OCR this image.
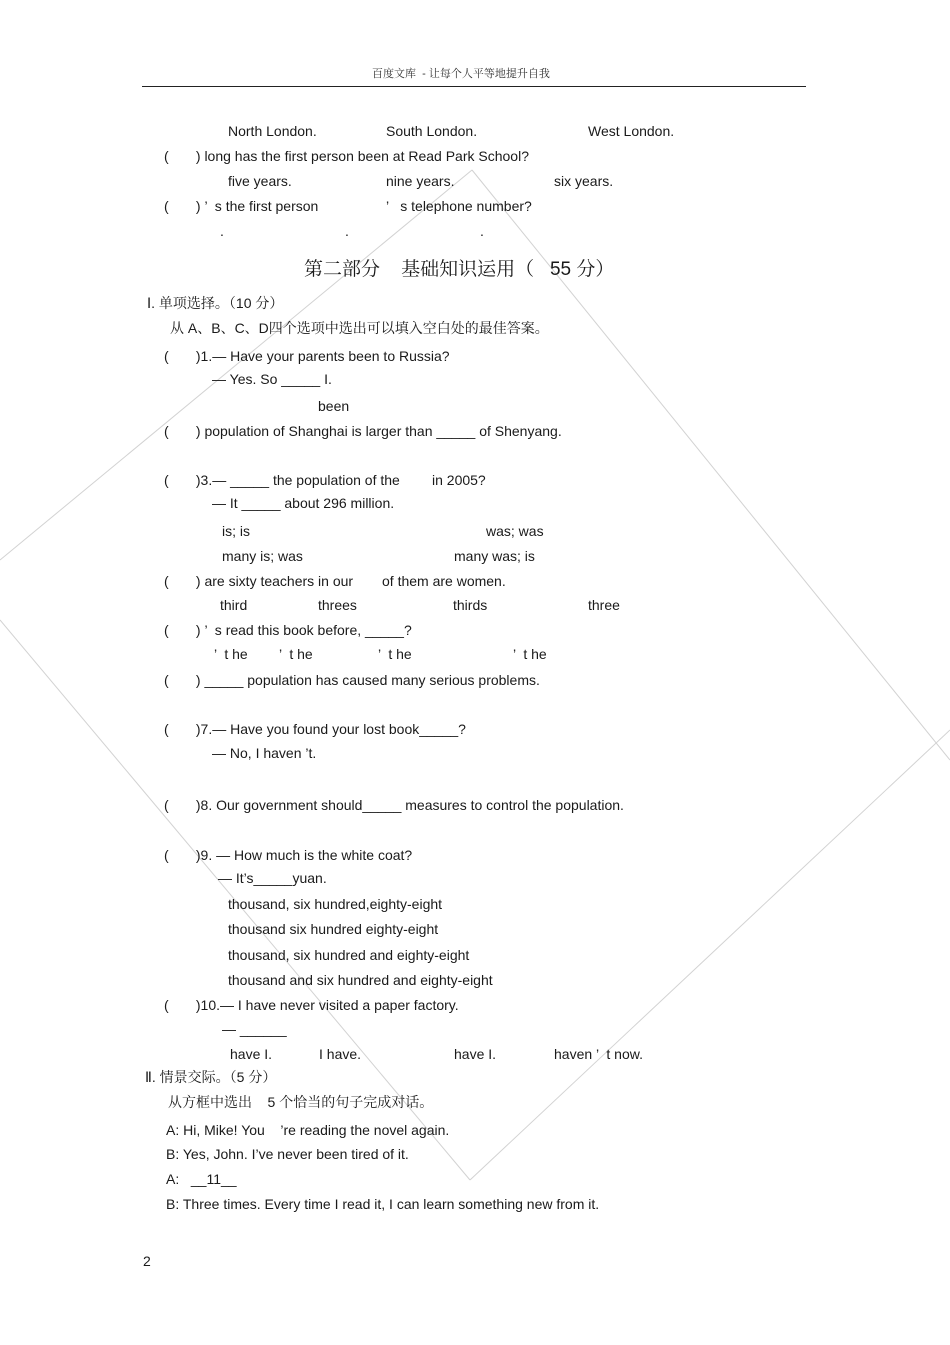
百度文库  - 让每个人平等地提升自我
North London.	South London.	West London.
(       ) long has the first person been at Read Park School?
five years.	nine years.	six years.
(       ) ’  s the first person	’   s telephone number?
.	.	.
第二部分    基础知识运用（   55 分）
Ⅰ. 单项选择。（10 分）
从 A、B、C、D四个选项中选出可以填入空白处的最佳答案。
(       )1.— Have your parents been to Russia?
— Yes. So _____ I.
been
(       ) population of Shanghai is larger than _____ of Shenyang.
(       )3.— _____ the population of the in 2005?
— It _____ about 296 million.
is; is	was; was
many is; was	many was; is
(       ) are sixty teachers in our of them are women.
third	threes	thirds	three
(       ) ’  s read this book before, _____?
’  t he ’  t he	’  t he	’  t he
(       ) _____ population has caused many serious problems.
(       )7.— Have you found your lost book_____?
— No, I haven ’t.
(       )8. Our government should_____ measures to control the population.
(       )9. — How much is the white coat?
— It’s_____yuan.
thousand, six hundred,eighty-eight
thousand six hundred eighty-eight
thousand, six hundred and eighty-eight
thousand and six hundred and eighty-eight
(       )10.— I have never visited a paper factory.
— ______
have I.	I have.	have I.	haven ’  t now.
Ⅱ. 情景交际。（5 分）
从方框中选出    5 个恰当的句子完成对话。
A: Hi, Mike! You    ’re reading the novel again.
B: Yes, John. I’ve never been tired of it.
A:   __11__
B: Three times. Every time I read it, I can learn something new from it.
2
